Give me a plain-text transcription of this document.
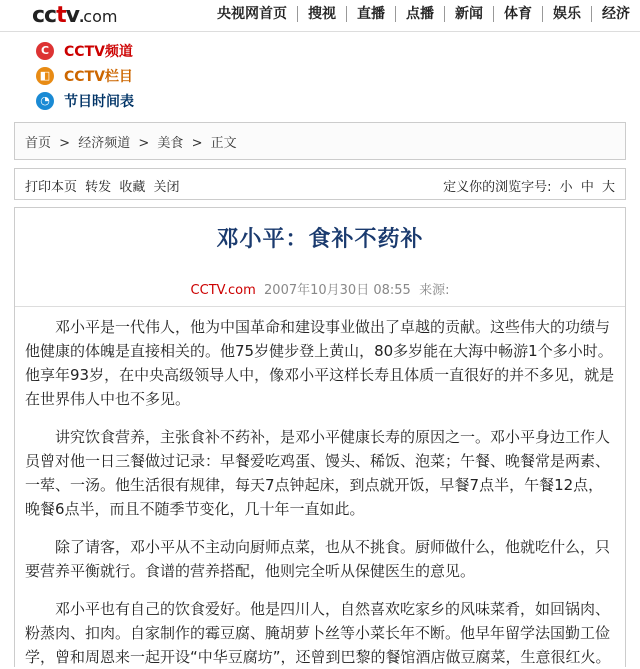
cctv.com	央视网首页	搜视	直播	点播	新闻	体育	娱乐	经济
C	CCTV频道
◧ CCTV栏目
◔	节目时间表
首页 > 经济频道 > 美食 > 正文
打印本页 转发 收藏 关闭	定义你的浏览字号: 小 中 大
邓小平：食补不药补
CCTV.com 2007年10月30日 08:55 来源:

邓小平是一代伟人，他为中国革命和建设事业做出了卓越的贡献。这些伟大的功绩与他健康的体魄是直接相关的。他75岁健步登上黄山，80多岁能在大海中畅游1个多小时。他享年93岁，在中央高级领导人中，像邓小平这样长寿且体质一直很好的并不多见，就是在世界伟人中也不多见。

讲究饮食营养，主张食补不药补，是邓小平健康长寿的原因之一。邓小平身边工作人员曾对他一日三餐做过记录：早餐爱吃鸡蛋、馒头、稀饭、泡菜；午餐、晚餐常是两素、一荤、一汤。他生活很有规律，每天7点钟起床，到点就开饭，早餐7点半，午餐12点，晚餐6点半，而且不随季节变化，几十年一直如此。

除了请客，邓小平从不主动向厨师点菜，也从不挑食。厨师做什么，他就吃什么，只要营养平衡就行。食谱的营养搭配，他则完全听从保健医生的意见。

邓小平也有自己的饮食爱好。他是四川人，自然喜欢吃家乡的风味菜肴，如回锅肉、粉蒸肉、扣肉。自家制作的霉豆腐、腌胡萝卜丝等小菜长年不断。他早年留学法国勤工俭学，曾和周恩来一起开设“中华豆腐坊”，还曾到巴黎的餐馆酒店做豆腐菜，生意很红火。
